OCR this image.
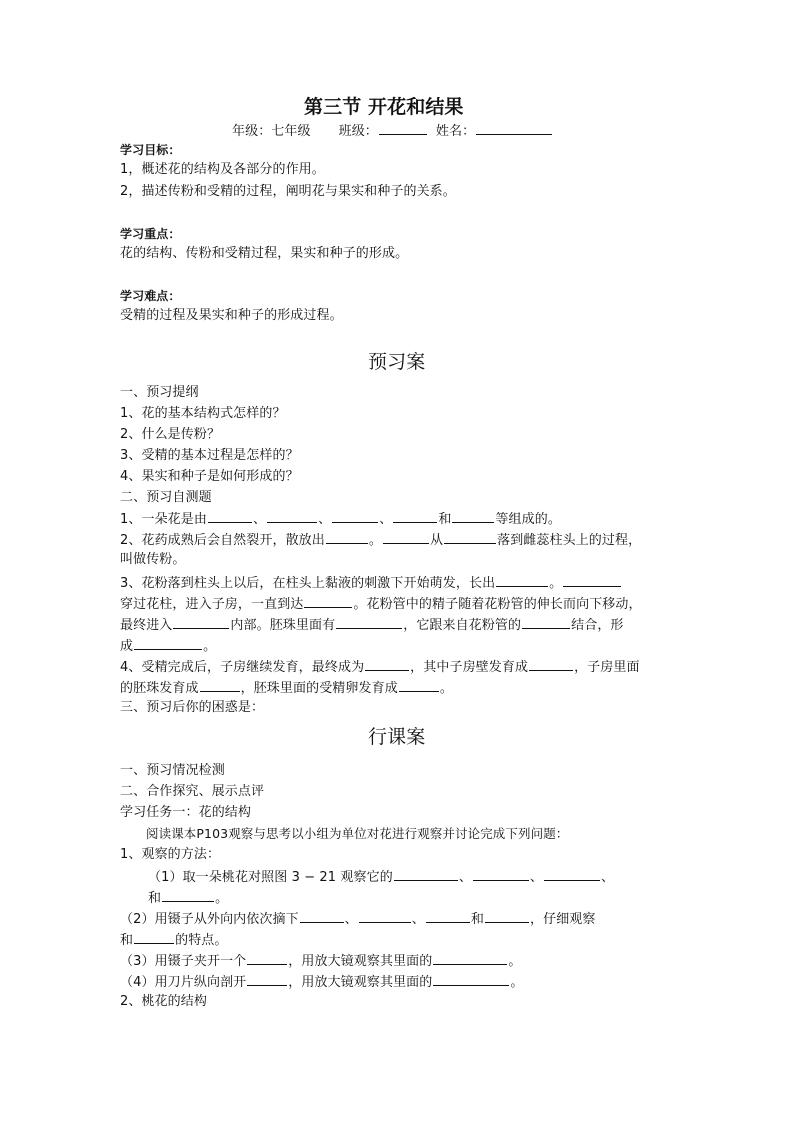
第三节 开花和结果
年级：七年级 班级：	姓名：
学习目标：
1，概述花的结构及各部分的作用。
2，描述传粉和受精的过程，阐明花与果实和种子的关系。
学习重点：
花的结构、传粉和受精过程，果实和种子的形成。
学习难点：
受精的过程及果实和种子的形成过程。
预习案
一、预习提纲
1、花的基本结构式怎样的？
2、什么是传粉？
3、受精的基本过程是怎样的？
4、果实和种子是如何形成的？
二、预习自测题
1、一朵花是由	、	、	、	和	等组成的。
2、花药成熟后会自然裂开，散放出	。	从	落到雌蕊柱头上的过程，
叫做传粉。
3、花粉落到柱头上以后，在柱头上黏液的刺激下开始萌发，长出	。
穿过花柱，进入子房，一直到达	。花粉管中的精子随着花粉管的伸长而向下移动，
最终进入	内部。胚珠里面有	，它跟来自花粉管的	结合，形
成	。
4、受精完成后，子房继续发育，最终成为	，其中子房壁发育成	，子房里面
的胚珠发育成	，胚珠里面的受精卵发育成	。
三、预习后你的困惑是：
行课案
一、预习情况检测
二、合作探究、展示点评
学习任务一：花的结构
阅读课本P103观察与思考以小组为单位对花进行观察并讨论完成下列问题：
1、观察的方法：
（1）取一朵桃花对照图 3 − 21 观察它的	、	、	、
和	。
（2）用镊子从外向内依次摘下	、	、	和	，仔细观察
和	的特点。
（3）用镊子夹开一个	，用放大镜观察其里面的	。
（4）用刀片纵向剖开	，用放大镜观察其里面的	。
2、桃花的结构
